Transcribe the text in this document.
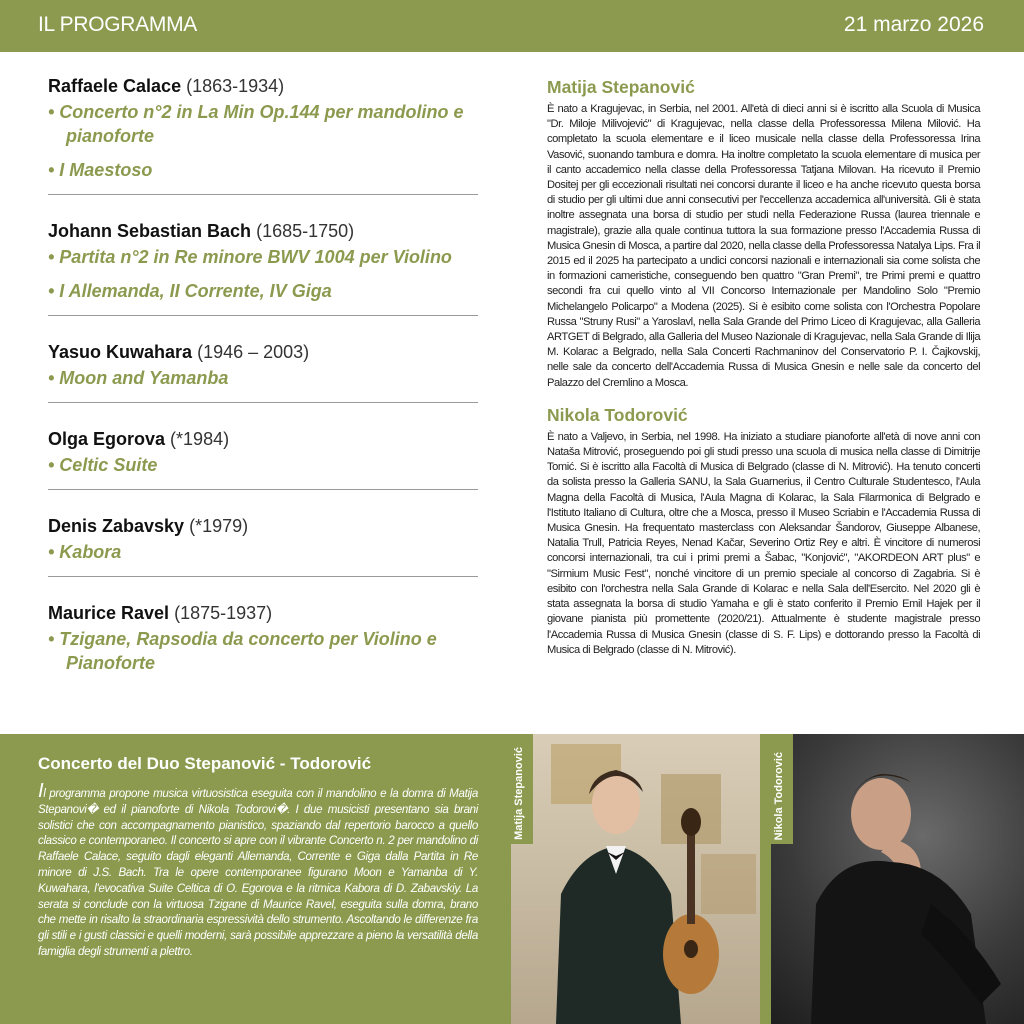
IL PROGRAMMA	21 marzo 2026
Raffaele Calace (1863-1934)
• Concerto n°2 in La Min Op.144 per mandolino e pianoforte
• I Maestoso
Johann Sebastian Bach (1685-1750)
• Partita n°2 in Re minore BWV 1004 per Violino
• I Allemanda, II Corrente, IV Giga
Yasuo Kuwahara (1946 – 2003)
• Moon and Yamanba
Olga Egorova (*1984)
• Celtic Suite
Denis Zabavsky (*1979)
• Kabora
Maurice Ravel (1875-1937)
• Tzigane, Rapsodia da concerto per Violino e Pianoforte
Matija Stepanović
È nato a Kragujevac, in Serbia, nel 2001. All'età di dieci anni si è iscritto alla Scuola di Musica "Dr. Miloje Milivojević" di Kragujevac, nella classe della Professoressa Milena Milović. Ha completato la scuola elementare e il liceo musicale nella classe della Professoressa Irina Vasović, suonando tambura e domra. Ha inoltre completato la scuola elementare di musica per il canto accademico nella classe della Professoressa Tatjana Milovan. Ha ricevuto il Premio Dositej per gli eccezionali risultati nei concorsi durante il liceo e ha anche ricevuto questa borsa di studio per gli ultimi due anni consecutivi per l'eccellenza accademica all'università. Gli è stata inoltre assegnata una borsa di studio per studi nella Federazione Russa (laurea triennale e magistrale), grazie alla quale continua tuttora la sua formazione presso l'Accademia Russa di Musica Gnesin di Mosca, a partire dal 2020, nella classe della Professoressa Natalya Lips. Fra il 2015 ed il 2025 ha partecipato a undici concorsi nazionali e internazionali sia come solista che in formazioni cameristiche, conseguendo ben quattro "Gran Premi", tre Primi premi e quattro secondi fra cui quello vinto al VII Concorso Internazionale per Mandolino Solo "Premio Michelangelo Policarpo" a Modena (2025). Si è esibito come solista con l'Orchestra Popolare Russa "Struny Rusi" a Yaroslavl, nella Sala Grande del Primo Liceo di Kragujevac, alla Galleria ARTGET di Belgrado, alla Galleria del Museo Nazionale di Kragujevac, nella Sala Grande di Ilija M. Kolarac a Belgrado, nella Sala Concerti Rachmaninov del Conservatorio P. I. Čajkovskij, nelle sale da concerto dell'Accademia Russa di Musica Gnesin e nelle sale da concerto del Palazzo del Cremlino a Mosca.
Nikola Todorović
È nato a Valjevo, in Serbia, nel 1998. Ha iniziato a studiare pianoforte all'età di nove anni con Nataša Mitrović, proseguendo poi gli studi presso una scuola di musica nella classe di Dimitrije Tomić. Si è iscritto alla Facoltà di Musica di Belgrado (classe di N. Mitrović). Ha tenuto concerti da solista presso la Galleria SANU, la Sala Guarnerius, il Centro Culturale Studentesco, l'Aula Magna della Facoltà di Musica, l'Aula Magna di Kolarac, la Sala Filarmonica di Belgrado e l'Istituto Italiano di Cultura, oltre che a Mosca, presso il Museo Scriabin e l'Accademia Russa di Musica Gnesin. Ha frequentato masterclass con Aleksandar Šandorov, Giuseppe Albanese, Natalia Trull, Patricia Reyes, Nenad Kačar, Severino Ortiz Rey e altri. È vincitore di numerosi concorsi internazionali, tra cui i primi premi a Šabac, "Konjović", "AKORDEON ART plus" e "Sirmium Music Fest", nonché vincitore di un premio speciale al concorso di Zagabria. Si è esibito con l'orchestra nella Sala Grande di Kolarac e nella Sala dell'Esercito. Nel 2020 gli è stata assegnata la borsa di studio Yamaha e gli è stato conferito il Premio Emil Hajek per il giovane pianista più promettente (2020/21). Attualmente è studente magistrale presso l'Accademia Russa di Musica Gnesin (classe di S. F. Lips) e dottorando presso la Facoltà di Musica di Belgrado (classe di N. Mitrović).
Concerto del Duo Stepanović - Todorović
Il programma propone musica virtuosistica eseguita con il mandolino e la domra di Matija Stepanovi� ed il pianoforte di Nikola Todorovi�. I due musicisti presentano sia brani solistici che con accompagnamento pianistico, spaziando dal repertorio barocco a quello classico e contemporaneo. Il concerto si apre con il vibrante Concerto n. 2 per mandolino di Raffaele Calace, seguito dagli eleganti Allemanda, Corrente e Giga dalla Partita in Re minore di J.S. Bach. Tra le opere contemporanee figurano Moon e Yamanba di Y. Kuwahara, l'evocativa Suite Celtica di O. Egorova e la ritmica Kabora di D. Zabavskiy. La serata si conclude con la virtuosa Tzigane di Maurice Ravel, eseguita sulla domra, brano che mette in risalto la straordinaria espressività dello strumento. Ascoltando le differenze fra gli stili e i gusti classici e quelli moderni, sarà possibile apprezzare a pieno la versatilità della famiglia degli strumenti a plettro.
Matija Stepanović	Nikola Todorović
